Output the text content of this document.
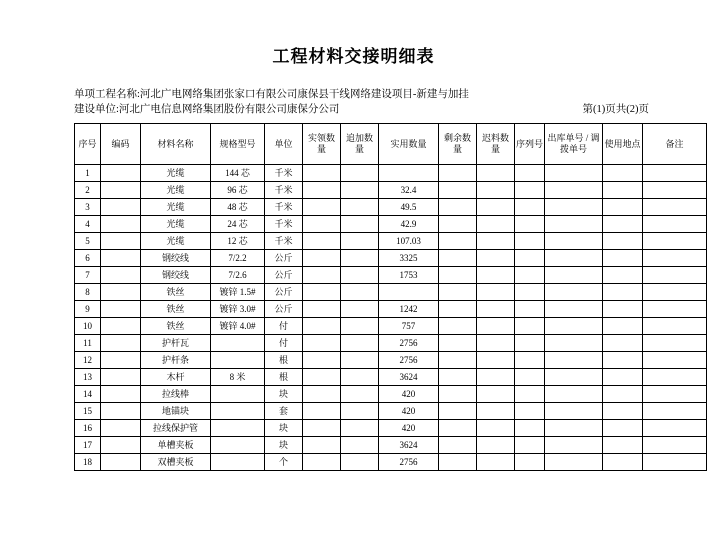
工程材料交接明细表
单项工程名称: 河北广电网络集团张家口有限公司康保县干线网络建设项目-新建与加挂
建设单位: 河北广电信息网络集团股份有限公司康保分公司	第(1)页共(2)页
序号	编码	材料名称	规格型号	单位	实领数量	追加数量	实用数量	剩余数量	迟料数量	序列号	出库单号 / 调拨单号	使用地点	备注

1		光缆	144 芯	千米									
2		光缆	96 芯	千米			32.4						
3		光缆	48 芯	千米			49.5						
4		光缆	24 芯	千米			42.9						
5		光缆	12 芯	千米			107.03						
6		钢绞线	7/2.2	公斤			3325						
7		钢绞线	7/2.6	公斤			1753						
8		铁丝	镀锌 1.5#	公斤									
9		铁丝	镀锌 3.0#	公斤			1242						
10		铁丝	镀锌 4.0#	付			757						
11		护杆瓦		付			2756						
12		护杆条		根			2756						
13		木杆	8 米	根			3624						
14		拉线棒		块			420						
15		地锚块		套			420						
16		拉线保护管		块			420						
17		单槽夹板		块			3624						
18		双槽夹板		个			2756						
